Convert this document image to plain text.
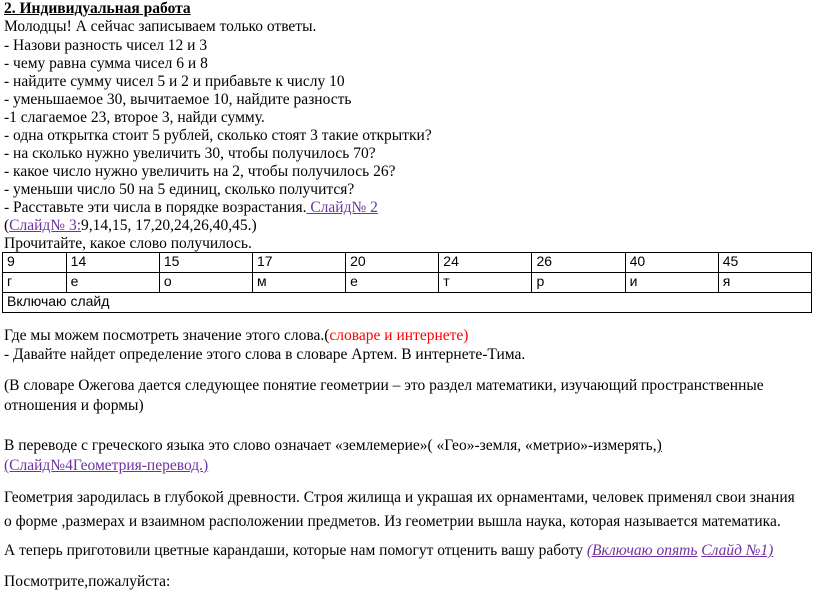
2. Индивидуальная работа
Молодцы! А сейчас записываем только ответы.
- Назови разность чисел 12 и 3
- чему равна сумма чисел 6 и 8
- найдите сумму чисел 5 и 2 и прибавьте к числу 10
- уменьшаемое 30, вычитаемое 10, найдите разность
-1 слагаемое 23, второе 3, найди сумму.
- одна открытка стоит 5 рублей, сколько стоят 3 такие открытки?
- на сколько нужно увеличить 30, чтобы получилось 70?
- какое число нужно увеличить на 2, чтобы получилось 26?
- уменьши число 50 на 5 единиц, сколько получится?
- Расставьте эти числа в порядке возрастания. Слайд№ 2
(Слайд№ 3:9,14,15, 17,20,24,26,40,45.)
Прочитайте, какое слово получилось.
9	14	15	17	20	24	26	40	45
г	е	о	м	е	т	р	и	я
Включаю слайд								
Где мы можем посмотреть значение этого слова.(словаре и интернете)
- Давайте найдет определение этого слова в словаре Артем. В интернете-Тима.
(В словаре Ожегова дается следующее понятие геометрии – это раздел математики, изучающий пространственные отношения и формы)
В переводе с греческого языка это слово означает «землемерие»( «Гео»-земля, «метрио»-измерять,)
(Слайд№4Геометрия-перевод.)
Геометрия зародилась в глубокой древности. Строя жилища и украшая их орнаментами, человек применял свои знания о форме ,размерах и взаимном расположении предметов. Из геометрии вышла наука, которая называется математика.
А теперь приготовили цветные карандаши, которые нам помогут отценить вашу работу (Включаю опять Слайд №1)
Посмотрите,пожалуйста:
